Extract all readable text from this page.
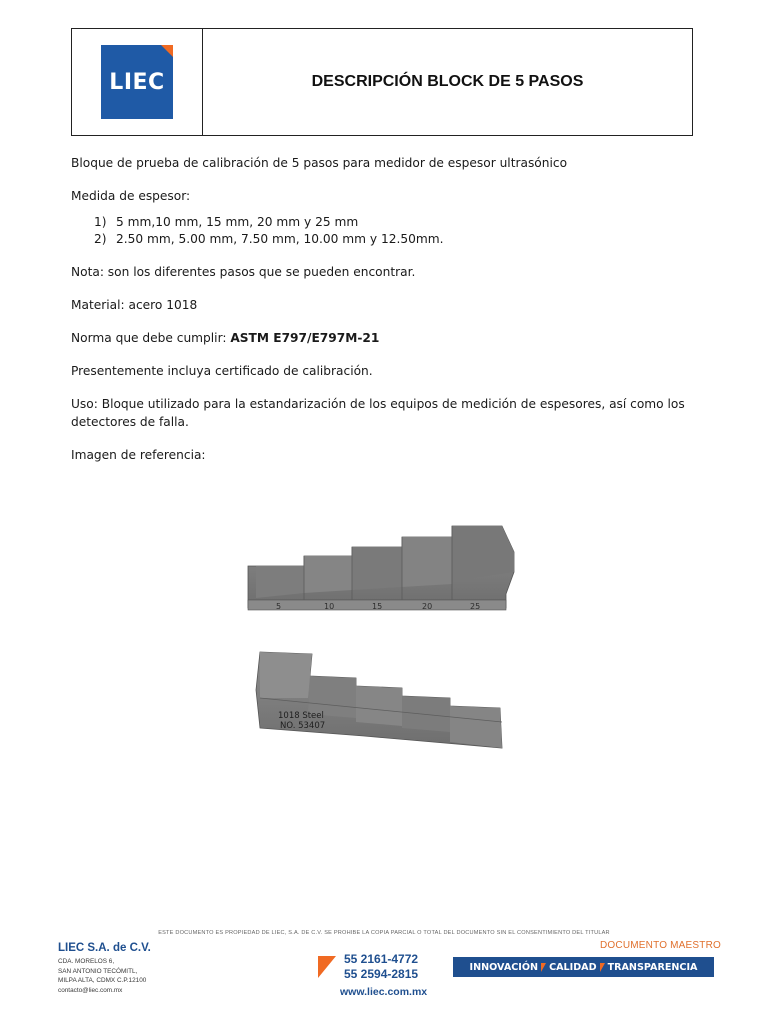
LIEC	DESCRIPCIÓN BLOCK DE 5 PASOS

Bloque de prueba de calibración de 5 pasos para medidor de espesor ultrasónico

Medida de espesor:

1) 5 mm,10 mm, 15 mm, 20 mm y 25 mm
2) 2.50 mm, 5.00 mm, 7.50 mm, 10.00 mm y 12.50mm.

Nota: son los diferentes pasos que se pueden encontrar.

Material: acero 1018

Norma que debe cumplir: ASTM E797/E797M-21

Presentemente incluya certificado de calibración.

Uso: Bloque utilizado para la estandarización de los equipos de medición de espesores, así como los detectores de falla.

Imagen de referencia:

5	10	15	20	25
1018 Steel
NO. 53407
ESTE DOCUMENTO ES PROPIEDAD DE LIEC, S.A. DE C.V. SE PROHIBE LA COPIA PARCIAL O TOTAL DEL DOCUMENTO SIN EL CONSENTIMIENTO DEL TITULAR
LIEC S.A. de C.V.
CDA. MORELOS 6,
SAN ANTONIO TECÓMITL,
MILPA ALTA, CDMX C.P.12100
contacto@liec.com.mx
55 2161-4772
55 2594-2815
www.liec.com.mx
DOCUMENTO MAESTRO
INNOVACIÓN CALIDAD TRANSPARENCIA
